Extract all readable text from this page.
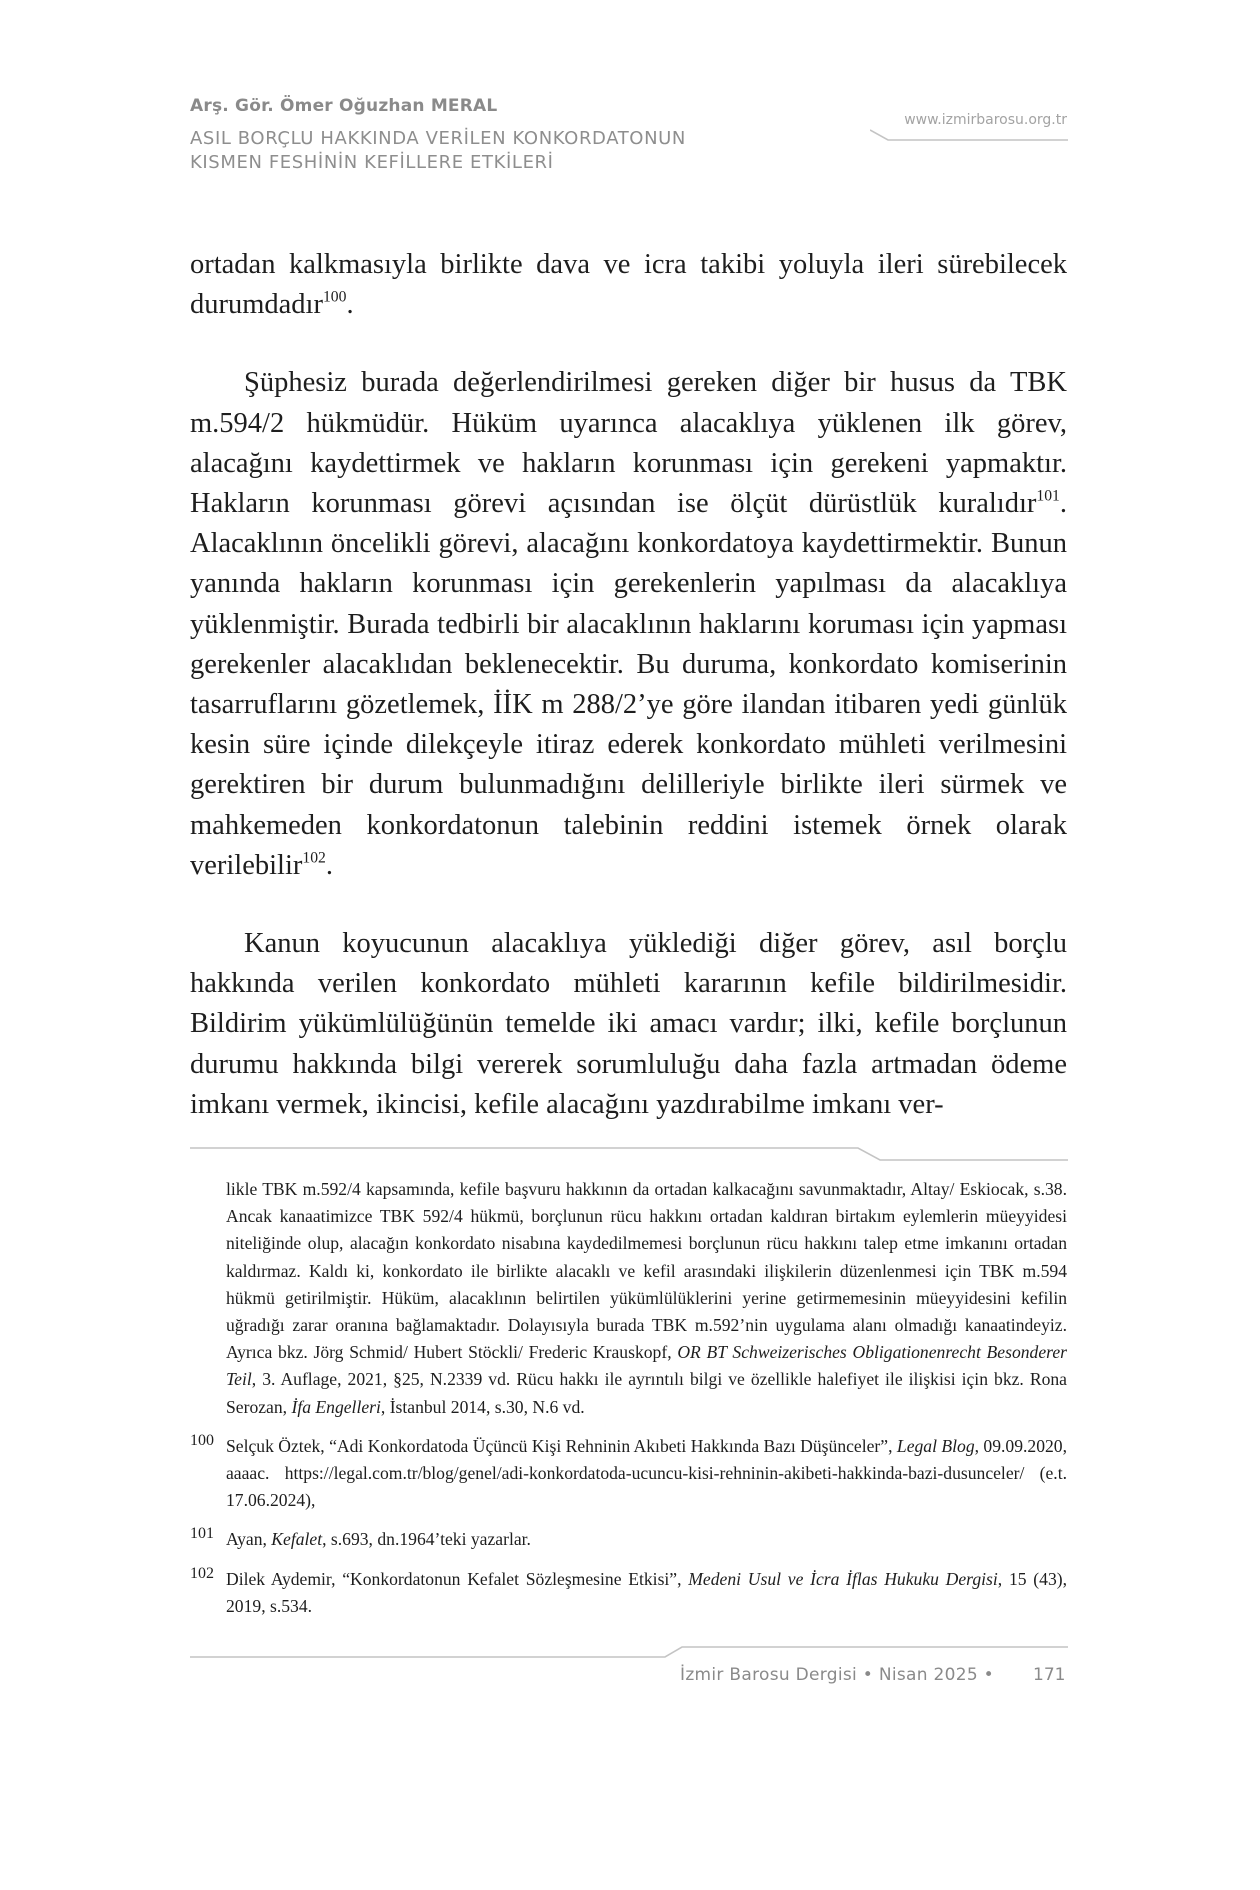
Arş. Gör. Ömer Oğuzhan MERAL
ASIL BORÇLU HAKKINDA VERİLEN KONKORDATONUN
KISMEN FESHİNİN KEFİLLERE ETKİLERİ
www.izmirbarosu.org.tr

ortadan kalkmasıyla birlikte dava ve icra takibi yoluyla ileri sürebilecek durumdadır$^{100}$.

Şüphesiz burada değerlendirilmesi gereken diğer bir husus da TBK m.594/2 hükmüdür. Hüküm uyarınca alacaklıya yüklenen ilk görev, alacağını kaydettirmek ve hakların korunması için gerekeni yapmaktır. Hakların korunması görevi açısından ise ölçüt dürüstlük kuralıdır$^{101}$. Alacaklının öncelikli görevi, alacağını konkordatoya kaydettirmektir. Bunun yanında hakların korunması için gerekenlerin yapılması da alacaklıya yüklenmiştir. Burada tedbirli bir alacaklının haklarını koruması için yapması gerekenler alacaklıdan beklenecektir. Bu duruma, konkordato komiserinin tasarruflarını gözetlemek, İİK m 288/2’ye göre ilandan itibaren yedi günlük kesin süre içinde dilekçeyle itiraz ederek konkordato mühleti verilmesini gerektiren bir durum bulunmadığını delilleriyle birlikte ileri sürmek ve mahkemeden konkordatonun talebinin reddini istemek örnek olarak verilebilir$^{102}$.

Kanun koyucunun alacaklıya yüklediği diğer görev, asıl borçlu hakkında verilen konkordato mühleti kararının kefile bildirilmesidir. Bildirim yükümlülüğünün temelde iki amacı vardır; ilki, kefile borçlunun durumu hakkında bilgi vererek sorumluluğu daha fazla artmadan ödeme imkanı vermek, ikincisi, kefile alacağını yazdırabilme imkanı ver-

likle TBK m.592/4 kapsamında, kefile başvuru hakkının da ortadan kalkacağını savunmaktadır, Altay/ Eskiocak, s.38. Ancak kanaatimizce TBK 592/4 hükmü, borçlunun rücu hakkını ortadan kaldıran birtakım eylemlerin müeyyidesi niteliğinde olup, alacağın konkordato nisabına kaydedilmemesi borçlunun rücu hakkını talep etme imkanını ortadan kaldırmaz. Kaldı ki, konkordato ile birlikte alacaklı ve kefil arasındaki ilişkilerin düzenlenmesi için TBK m.594 hükmü getirilmiştir. Hüküm, alacaklının belirtilen yükümlülüklerini yerine getirmemesinin müeyyidesini kefilin uğradığı zarar oranına bağlamaktadır. Dolayısıyla burada TBK m.592’nin uygulama alanı olmadığı kanaatindeyiz. Ayrıca bkz. Jörg Schmid/ Hubert Stöckli/ Frederic Krauskopf, OR BT Schweizerisches Obligationenrecht Besonderer Teil, 3. Auflage, 2021, §25, N.2339 vd. Rücu hakkı ile ayrıntılı bilgi ve özellikle halefiyet ile ilişkisi için bkz. Rona Serozan, İfa Engelleri, İstanbul 2014, s.30, N.6 vd.

100 Selçuk Öztek, “Adi Konkordatoda Üçüncü Kişi Rehninin Akıbeti Hakkında Bazı Düşünceler”, Legal Blog, 09.09.2020, aaaac. https://legal.com.tr/blog/genel/adi-konkordatoda-ucuncu-kisi-rehninin-akibeti-hakkinda-bazi-dusunceler/ (e.t. 17.06.2024),
101 Ayan, Kefalet, s.693, dn.1964’teki yazarlar.
102 Dilek Aydemir, “Konkordatonun Kefalet Sözleşmesine Etkisi”, Medeni Usul ve İcra İflas Hukuku Dergisi, 15 (43), 2019, s.534.
İzmir Barosu Dergisi • Nisan 2025 • 171
